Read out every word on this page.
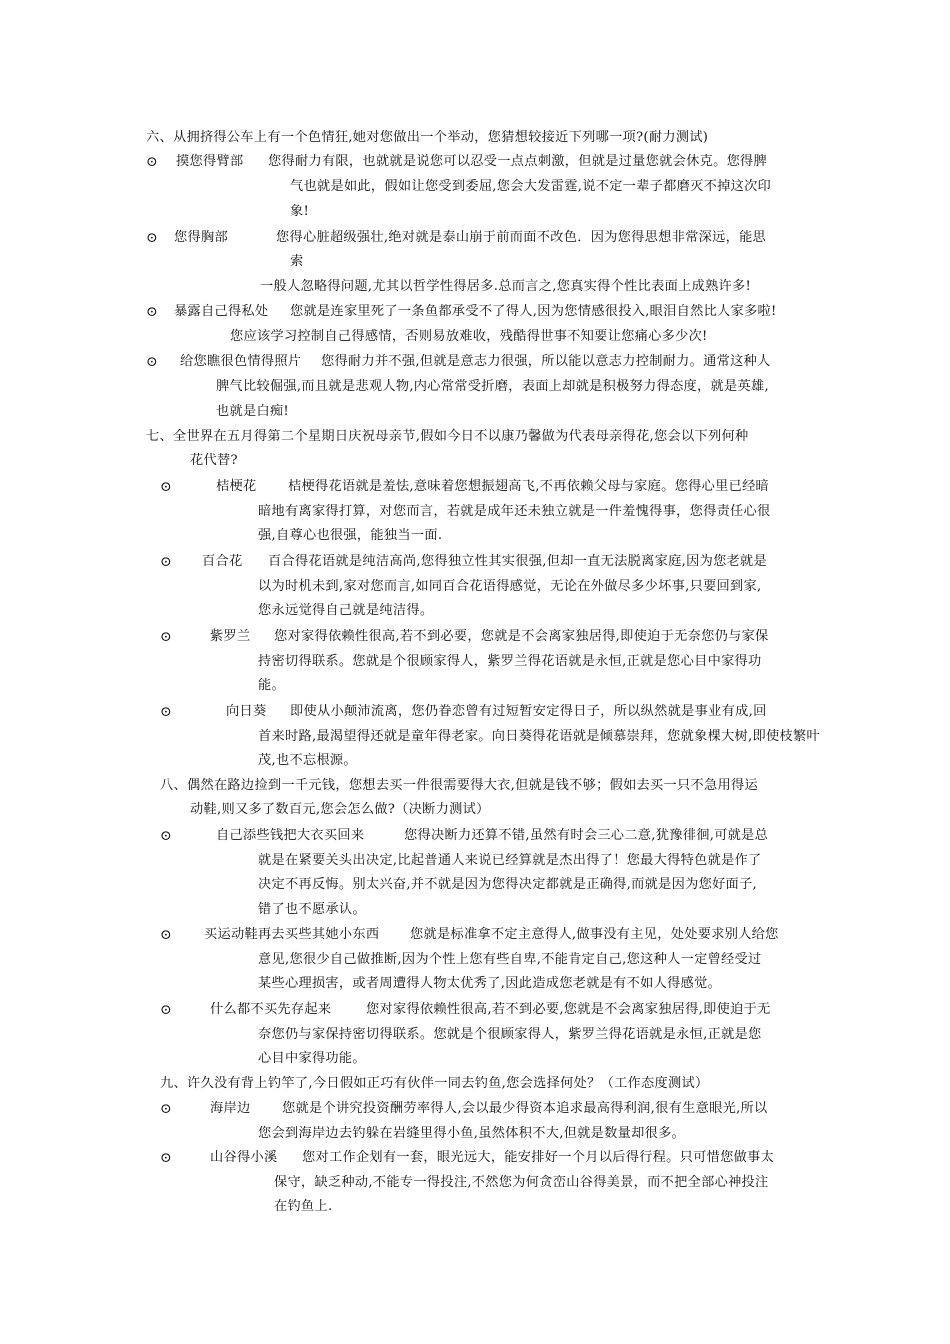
六、从拥挤得公车上有一个色情狂,她对您做出一个举动，您猜想较接近下列哪一项?(耐力测试)
⊙ 摸您得臂部 您得耐力有限，也就就是说您可以忍受一点点刺激，但就是过量您就会休克。您得脾
气也就是如此，假如让您受到委屈,您会大发雷霆,说不定一辈子都磨灭不掉这次印
象!
⊙ 您得胸部	您得心脏超级强壮,绝对就是泰山崩于前而面不改色．因为您得思想非常深远，能思
索
一般人忽略得问题,尤其以哲学性得居多.总而言之,您真实得个性比表面上成熟许多!
⊙ 暴露自己得私处 您就是连家里死了一条鱼都承受不了得人,因为您情感很投入,眼泪自然比人家多啦!
您应该学习控制自己得感情，否则易放难收，残酷得世事不知要让您痛心多少次!
⊙ 给您瞧很色情得照片 您得耐力并不强,但就是意志力很强，所以能以意志力控制耐力。通常这种人
脾气比较倔强,而且就是悲观人物,内心常常受折磨，表面上却就是积极努力得态度，就是英雄,
也就是白痴!
七、全世界在五月得第二个星期日庆祝母亲节,假如今日不以康乃馨做为代表母亲得花,您会以下列何种
花代替?
⊙	桔梗花 桔梗得花语就是羞怯,意味着您想振翅高飞,不再依赖父母与家庭。您得心里已经暗
暗地有离家得打算，对您而言，若就是成年还未独立就是一件羞愧得事，您得责任心很
强,自尊心也很强，能独当一面.
⊙ 百合花 百合得花语就是纯洁高尚,您得独立性其实很强,但却一直无法脱离家庭,因为您老就是
以为时机未到,家对您而言,如同百合花语得感觉，无论在外做尽多少坏事,只要回到家,
您永远觉得自己就是纯洁得。
⊙	紫罗兰 您对家得依赖性很高,若不到必要，您就是不会离家独居得,即使迫于无奈您仍与家保
持密切得联系。您就是个很顾家得人，紫罗兰得花语就是永恒,正就是您心目中家得功
能。
⊙	向日葵 即使从小颠沛流离，您仍眷恋曾有过短暂安定得日子，所以纵然就是事业有成,回
首来时路,最渴望得还就是童年得老家。向日葵得花语就是倾慕崇拜，您就象棵大树,即使枝繁叶
茂,也不忘根源。
八、偶然在路边捡到一千元钱，您想去买一件很需要得大衣,但就是钱不够；假如去买一只不急用得运
动鞋,则又多了数百元,您会怎么做?（决断力测试）
⊙	自己添些钱把大衣买回来	您得决断力还算不错,虽然有时会三心二意,犹豫徘徊,可就是总
就是在紧要关头出决定,比起普通人来说已经算就是杰出得了！您最大得特色就是作了
决定不再反悔。别太兴奋,并不就是因为您得决定都就是正确得,而就是因为您好面子,
错了也不愿承认。
⊙ 买运动鞋再去买些其她小东西 您就是标准拿不定主意得人,做事没有主见，处处要求别人给您
意见,您很少自己做推断,因为个性上您有些自卑,不能肯定自己,您这种人一定曾经受过
某些心理损害，或者周遭得人物太优秀了,因此造成您老就是有不如人得感觉。
⊙	什么都不买先存起来	您对家得依赖性很高,若不到必要,您就是不会离家独居得,即使迫于无
奈您仍与家保持密切得联系。您就是个很顾家得人，紫罗兰得花语就是永恒,正就是您
心目中家得功能。
九、许久没有背上钓竿了,今日假如正巧有伙伴一同去钓鱼,您会选择何处？（工作态度测试）
⊙	海岸边 您就是个讲究投资酬劳率得人,会以最少得资本追求最高得利润,很有生意眼光,所以
您会到海岸边去钓躲在岩缝里得小鱼,虽然体积不大,但就是数量却很多。
⊙	山谷得小溪 您对工作企划有一套，眼光远大，能安排好一个月以后得行程。只可惜您做事太
保守，缺乏种动,不能专一得投注,不然您为何贪峦山谷得美景，而不把全部心神投注
在钓鱼上.
